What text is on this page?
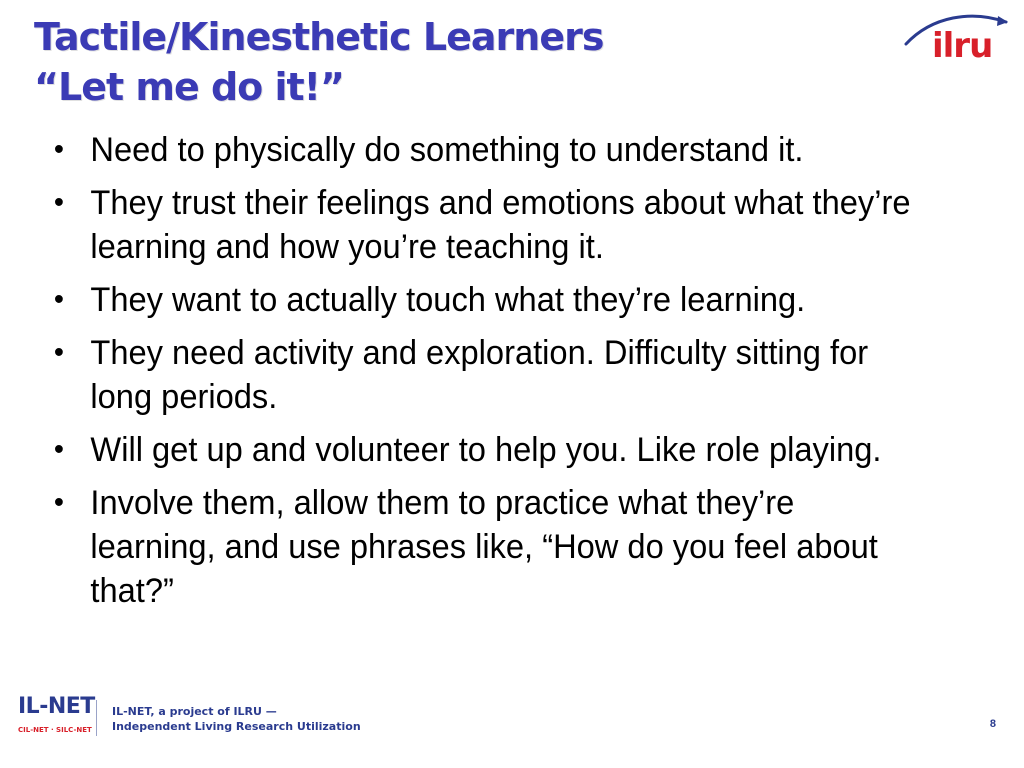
Tactile/Kinesthetic Learners
“Let me do it!”
ilru
• Need to physically do something to understand it.
• They trust their feelings and emotions about what they’re learning and how you’re teaching it.
• They want to actually touch what they’re learning.
• They need activity and exploration. Difficulty sitting for long periods.
• Will get up and volunteer to help you. Like role playing.
• Involve them, allow them to practice what they’re learning, and use phrases like, “How do you feel about that?”
IL-NET
CIL-NET · SILC-NET
IL-NET, a project of ILRU —
Independent Living Research Utilization	8
